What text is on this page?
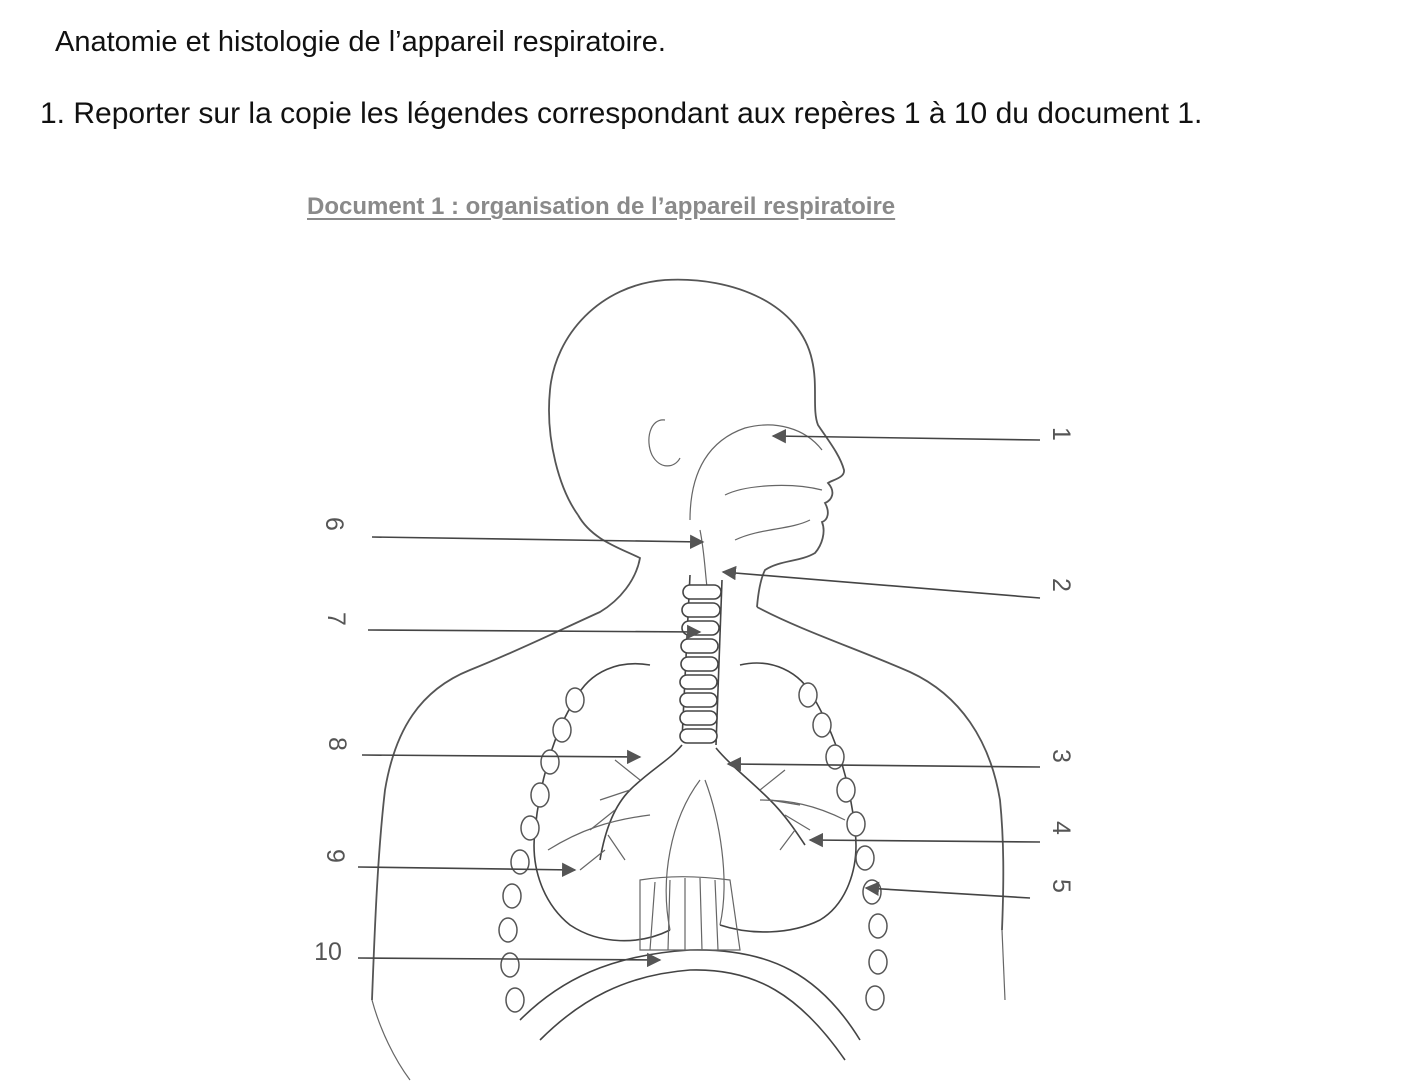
Anatomie et histologie de l’appareil respiratoire.
1. Reporter sur la copie les légendes correspondant aux repères 1 à 10 du document 1.
Document 1 : organisation de l’appareil respiratoire
1
2
3
4
5
6
7
8
9
10
